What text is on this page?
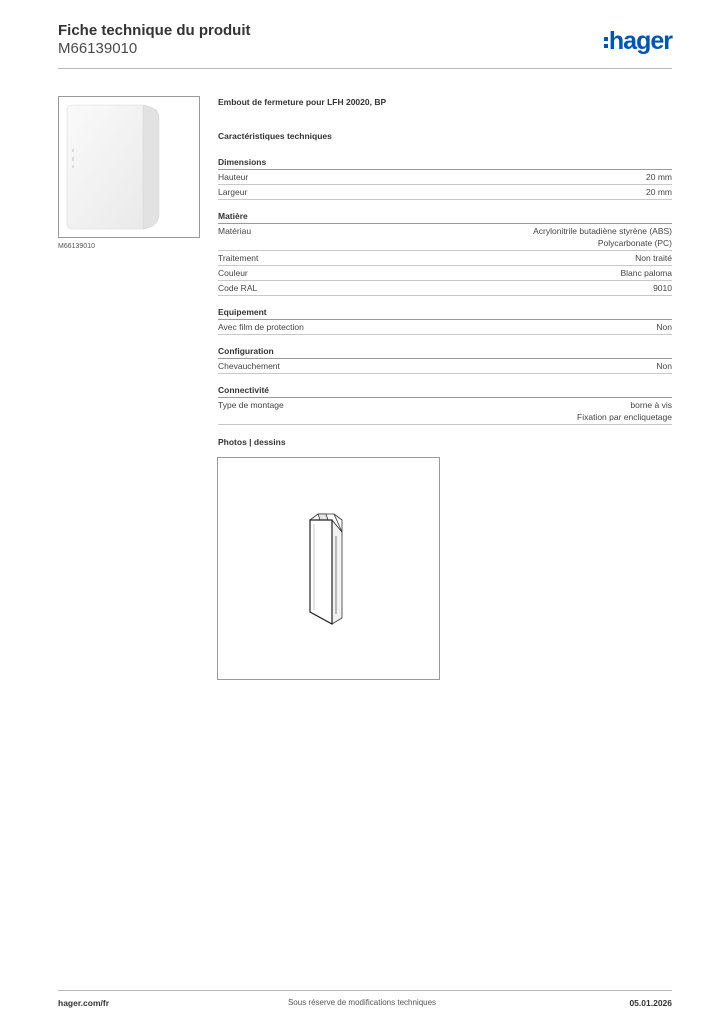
Fiche technique du produit
M66139010	hager
M66139010
Embout de fermeture pour LFH 20020, BP
Caractéristiques techniques
Dimensions
Hauteur	20 mm
Largeur	20 mm
Matière
Matériau	Acrylonitrile butadiène styrène (ABS)
Polycarbonate (PC)
Traitement	Non traité
Couleur	Blanc paloma
Code RAL	9010
Equipement
Avec film de protection	Non
Configuration
Chevauchement	Non
Connectivité
Type de montage	borne à vis
Fixation par encliquetage
Photos | dessins
hager.com/fr	Sous réserve de modifications techniques	05.01.2026
